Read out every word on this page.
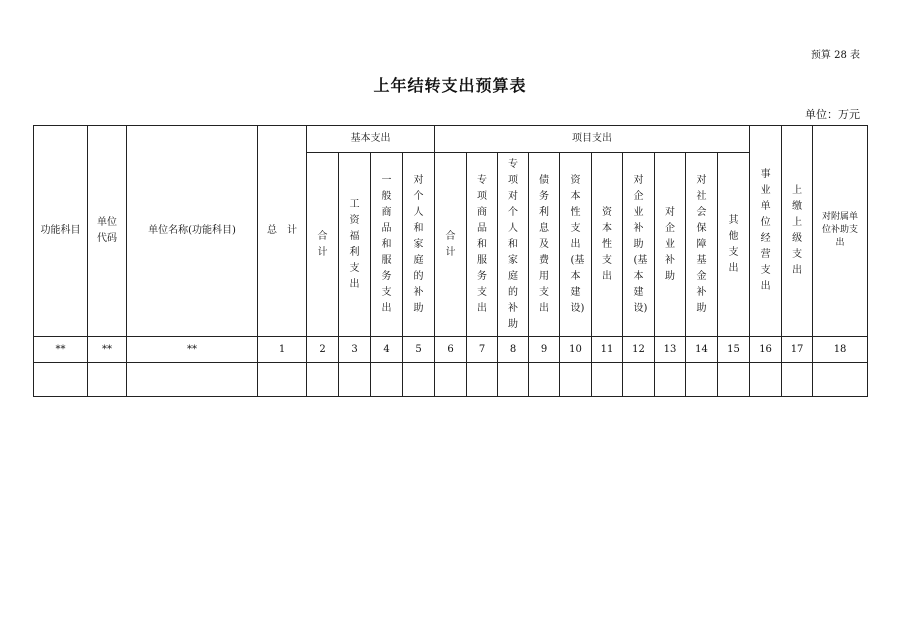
预算 28 表
上年结转支出预算表
单位：万元
功能科目	单位代码	单位名称(功能科目)	总　计	基本支出				项目支出										事业单位经营支出	上缴上级支出	对附属单位补助支出
				合计	工资福利支出	一般商品和服务支出	对个人和家庭的补助	合计	专项商品和服务支出	专项对个人和家庭的补助	债务利息及费用支出	资本性支出(基本建设)	资本性支出	对企业补助(基本建设)	对企业补助	对社会保障基金补助	其他支出			
**	**	**	1	2	3	4	5	6	7	8	9	10	11	12	13	14	15	16	17	18
